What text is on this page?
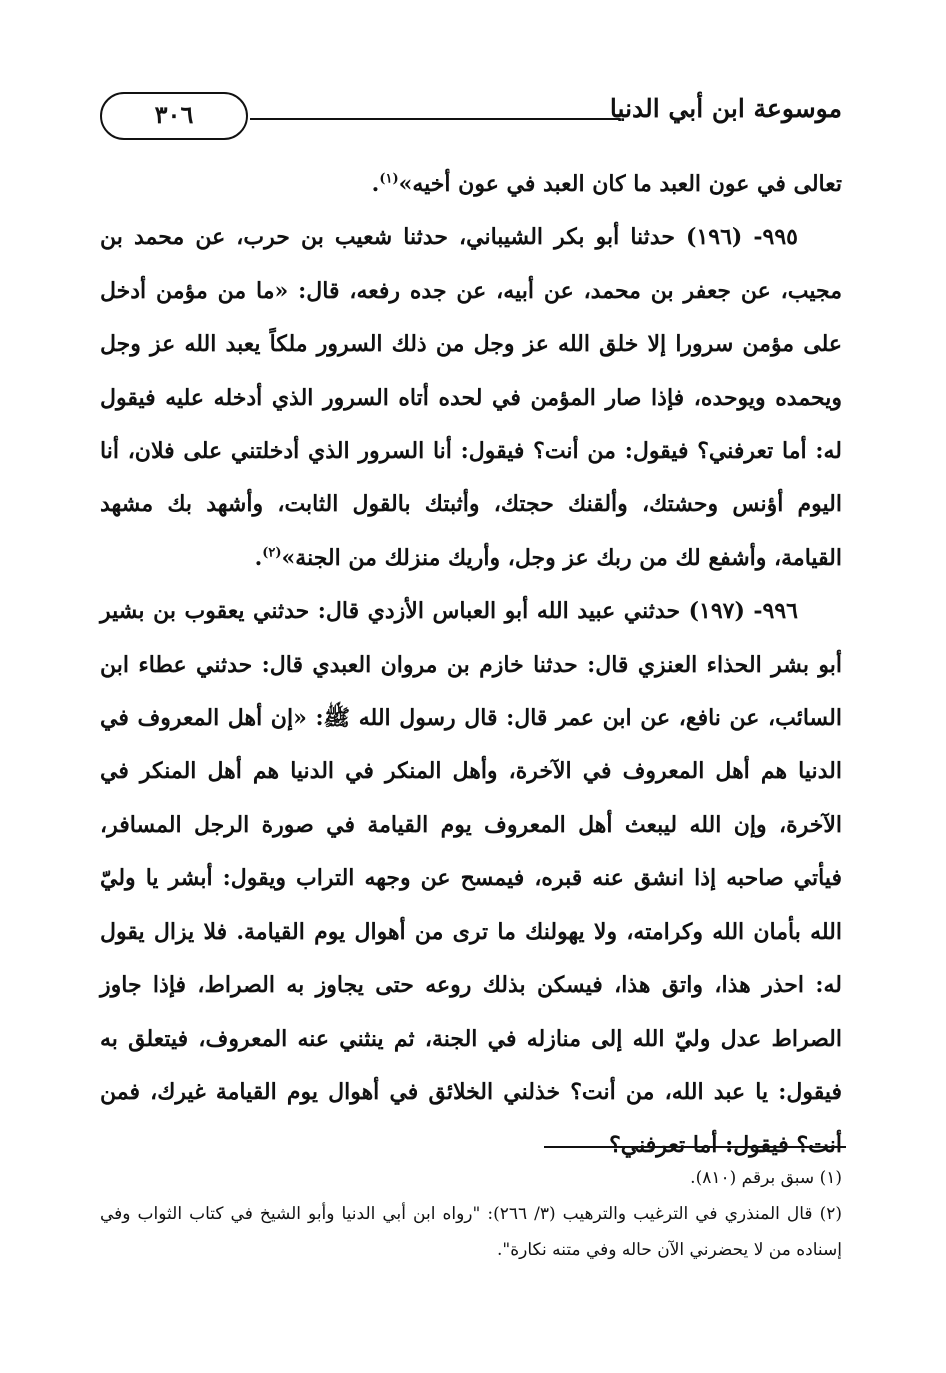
موسوعة ابن أبي الدنيا
٣٠٦

تعالى في عون العبد ما كان العبد في عون أخيه»$^{(١)}$.

٩٩٥- (١٩٦) حدثنا أبو بكر الشيباني، حدثنا شعيب بن حرب، عن محمد بن مجيب، عن جعفر بن محمد، عن أبيه، عن جده رفعه، قال: «ما من مؤمن أدخل على مؤمن سرورا إلا خلق الله عز وجل من ذلك السرور ملكاً يعبد الله عز وجل ويحمده ويوحده، فإذا صار المؤمن في لحده أتاه السرور الذي أدخله عليه فيقول له: أما تعرفني؟ فيقول: من أنت؟ فيقول: أنا السرور الذي أدخلتني على فلان، أنا اليوم أؤنس وحشتك، وألقنك حجتك، وأثبتك بالقول الثابت، وأشهد بك مشهد القيامة، وأشفع لك من ربك عز وجل، وأريك منزلك من الجنة»$^{(٢)}$.

٩٩٦- (١٩٧) حدثني عبيد الله أبو العباس الأزدي قال: حدثني يعقوب بن بشير أبو بشر الحذاء العنزي قال: حدثنا خازم بن مروان العبدي قال: حدثني عطاء ابن السائب، عن نافع، عن ابن عمر قال: قال رسول الله ﷺ: «إن أهل المعروف في الدنيا هم أهل المعروف في الآخرة، وأهل المنكر في الدنيا هم أهل المنكر في الآخرة، وإن الله ليبعث أهل المعروف يوم القيامة في صورة الرجل المسافر، فيأتي صاحبه إذا انشق عنه قبره، فيمسح عن وجهه التراب ويقول: أبشر يا وليّ الله بأمان الله وكرامته، ولا يهولنك ما ترى من أهوال يوم القيامة. فلا يزال يقول له: احذر هذا، واتق هذا، فيسكن بذلك روعه حتى يجاوز به الصراط، فإذا جاوز الصراط عدل وليّ الله إلى منازله في الجنة، ثم ينثني عنه المعروف، فيتعلق به فيقول: يا عبد الله، من أنت؟ خذلني الخلائق في أهوال يوم القيامة غيرك، فمن أنت؟ فيقول: أما تعرفني؟

(١) سبق برقم (٨١٠).

(٢) قال المنذري في الترغيب والترهيب (٣/ ٢٦٦): "رواه ابن أبي الدنيا وأبو الشيخ في كتاب الثواب وفي إسناده من لا يحضرني الآن حاله وفي متنه نكارة".
